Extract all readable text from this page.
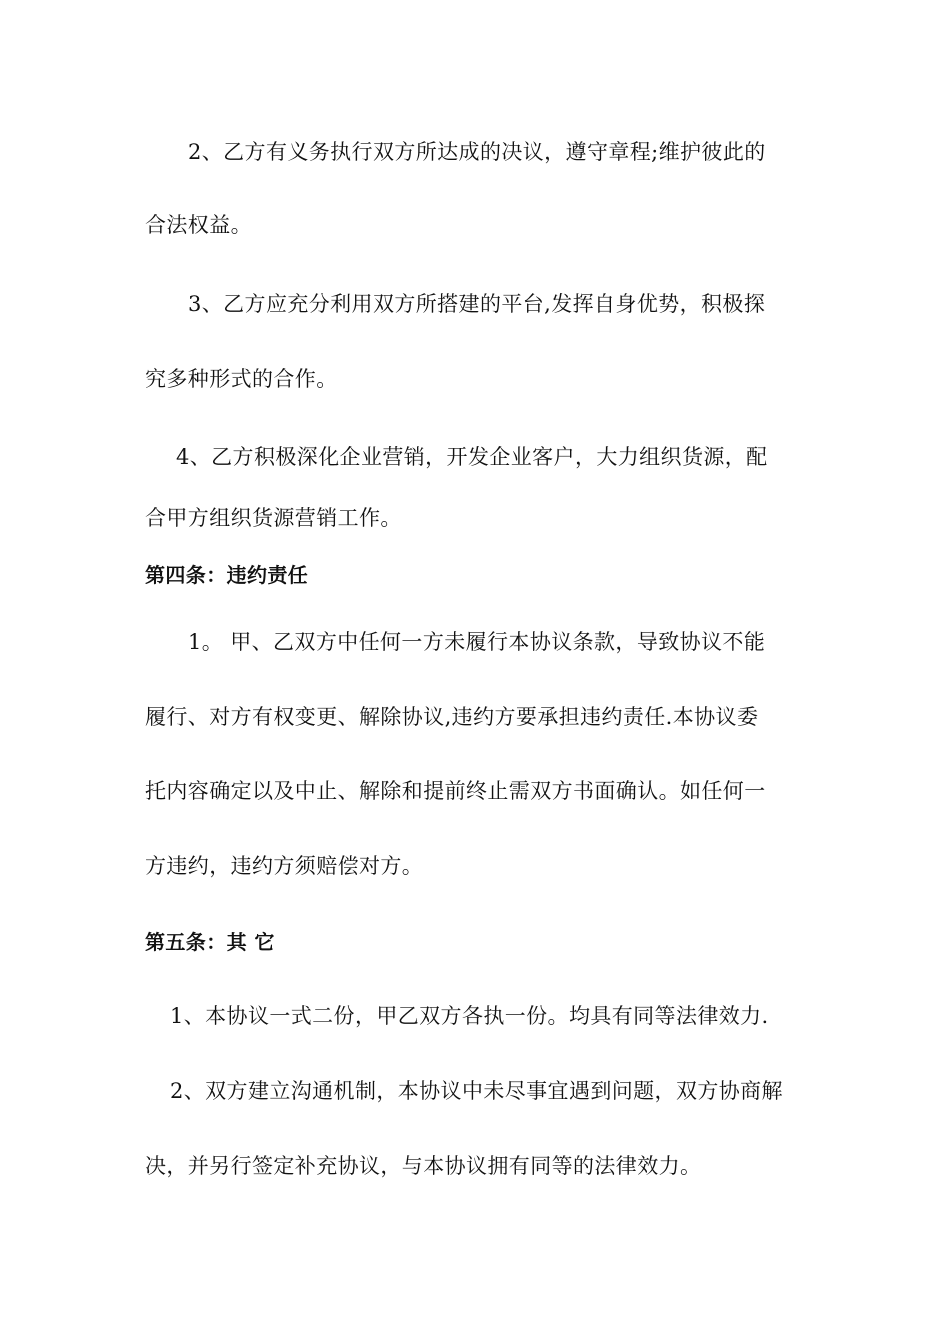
2、乙方有义务执行双方所达成的决议，遵守章程;维护彼此的
合法权益。
3、乙方应充分利用双方所搭建的平台,发挥自身优势，积极探
究多种形式的合作。
4、乙方积极深化企业营销，开发企业客户，大力组织货源，配
合甲方组织货源营销工作。
第四条：违约责任
1。 甲、乙双方中任何一方未履行本协议条款，导致协议不能
履行、对方有权变更、解除协议,违约方要承担违约责任.本协议委
托内容确定以及中止、解除和提前终止需双方书面确认。如任何一
方违约，违约方须赔偿对方。
第五条：其 它
1、本协议一式二份，甲乙双方各执一份。均具有同等法律效力.
2、双方建立沟通机制，本协议中未尽事宜遇到问题，双方协商解
决，并另行签定补充协议，与本协议拥有同等的法律效力。
